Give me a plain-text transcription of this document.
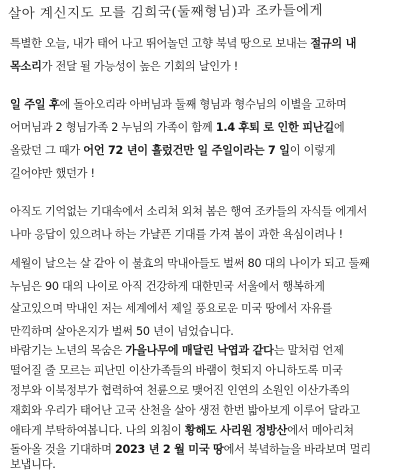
살아 계신지도 모를 김희국(둘째형님)과 조카들에게
특별한 오늘, 내가 태어 나고 뛰어놀던 고향 북녘 땅으로 보내는 절규의 내
목소리가 전달 될 가능성이 높은 기회의 날인가 !
일 주일 후에 돌아오리라 아버님과 둘째 형님과 형수님의 이별을 고하며
어머님과 2 형님가족 2 누님의 가족이 함께 1.4 후퇴 로 인한 피난길에
올랐던 그 때가 어언 72 년이 흘렀건만 일 주일이라는 7 일이 이렇게
길어야만 했던가 !
아직도 기억없는 기대속에서 소리쳐 외쳐 봄은 행여 조카들의 자식들 에게서
나마 응답이 있으려나 하는 가냘픈 기대를 가져 봄이 과한 욕심이려나 !
세월이 날으는 살 같아 이 불효의 막내아들도 벌써 80 대의 나이가 되고 둘째
누님은 90 대의 나이로 아직 건강하게 대한민국 서울에서 행복하게
살고있으며 막내인 저는 세계에서 제일 풍요로운 미국 땅에서 자유를
만끽하며 살아온지가 벌써 50 년이 넘었습니다.
바람기는 노년의 목숨은 가을나무에 매달린 낙엽과 같다는 말처럼 언제
떨어질 줄 모르는 피난민 이산가족들의 바램이 헛되지 아니하도록 미국
정부와 이북정부가 협력하여 천륜으로 맺어진 인연의 소원인 이산가족의
재회와 우리가 태어난 고국 산천을 살아 생전 한번 밟아보게 이루어 달라고
애타게 부탁하여봅니다. 나의 외침이 황해도 사리원 정방산에서 메아리쳐
돌아올 것을 기대하며 2023 년 2 월 미국 땅에서 북녘하늘을 바라보며 멀리
보냅니다.
